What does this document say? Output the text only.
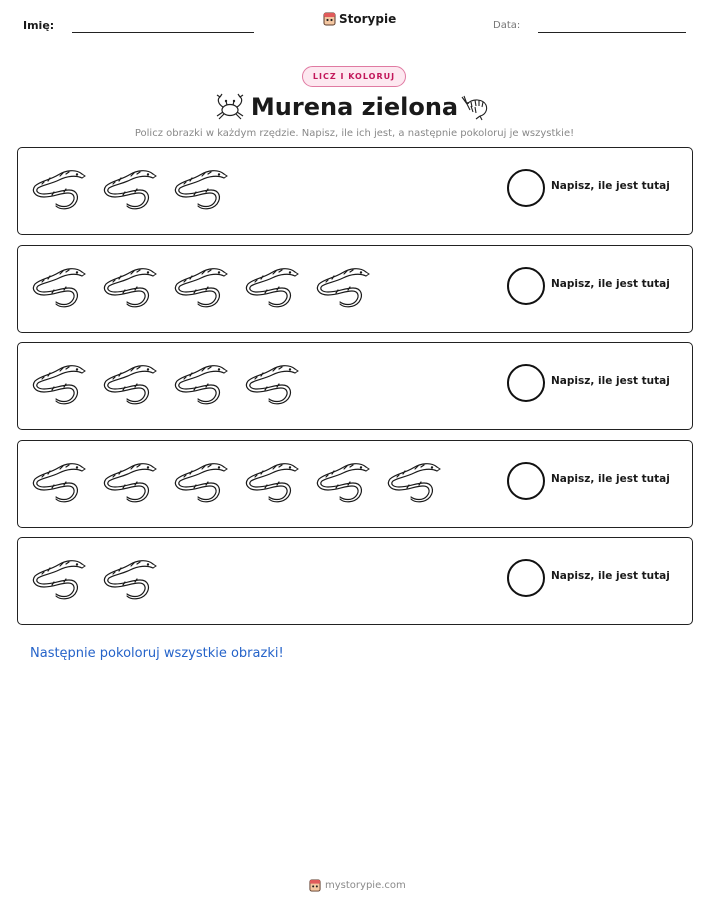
Imię:	Storypie	Data:
LICZ I KOLORUJ
Murena zielona
Policz obrazki w każdym rzędzie. Napisz, ile ich jest, a następnie pokoloruj je wszystkie!
Napisz, ile jest tutaj
Napisz, ile jest tutaj
Napisz, ile jest tutaj
Napisz, ile jest tutaj
Napisz, ile jest tutaj
Następnie pokoloruj wszystkie obrazki!
mystorypie.com
